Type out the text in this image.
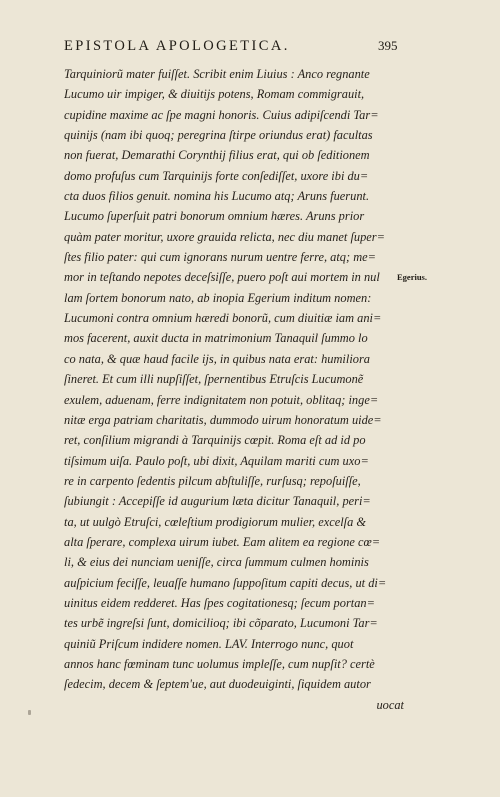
EPISTOLA APOLOGETICA.	395
Tarquiniorũ mater fuiſſet. Scribit enim Liuius : Anco regnante
Lucumo uir impiger, & diuitijs potens, Romam commigrauit,
cupidine maxime ac ſpe magni honoris. Cuius adipiſcendi Tar=
quinijs (nam ibi quoq; peregrina ſtirpe oriundus erat) facultas
non fuerat, Demarathi Corynthij filius erat, qui ob ſeditionem
domo profuſus cum Tarquinijs forte conſediſſet, uxore ibi du=
cta duos filios genuit. nomina his Lucumo atq; Aruns fuerunt.
Lucumo ſuperſuit patri bonorum omnium hæres. Aruns prior
quàm pater moritur, uxore grauida relicta, nec diu manet ſuper=
ſtes filio pater: qui cum ignorans nurum uentre ferre, atq; me=
mor in teſtando nepotes deceſsiſſe, puero poſt aui mortem in nul
lam ſortem bonorum nato, ab inopia Egerium inditum nomen:
Lucumoni contra omnium hæredi bonorũ, cum diuitiæ iam ani=
mos facerent, auxit ducta in matrimonium Tanaquil ſummo lo
co nata, & quæ haud facile ijs, in quibus nata erat: humiliora
ſineret. Et cum illi nupſiſſet, ſpernentibus Etruſcis Lucumonẽ
exulem, aduenam, ferre indignitatem non potuit, oblitaq; inge=
nitæ erga patriam charitatis, dummodo uirum honoratum uide=
ret, conſilium migrandi à Tarquinijs cœpit. Roma eſt ad id po
tiſsimum uiſa. Paulo poſt, ubi dixit, Aquilam mariti cum uxo=
re in carpento ſedentis pilcum abſtuliſſe, rurſusq; repoſuiſſe,
ſubiungit : Accepiſſe id augurium læta dicitur Tanaquil, peri=
ta, ut uulgò Etruſci, cœleſtium prodigiorum mulier, excelſa &
alta ſperare, complexa uirum iubet. Eam alitem ea regione cœ=
li, & eius dei nunciam ueniſſe, circa ſummum culmen hominis
auſpicium feciſſe, leuaſſe humano ſuppoſitum capiti decus, ut di=
uinitus eidem redderet. Has ſpes cogitationesq; ſecum portan=
tes urbẽ ingreſsi ſunt, domicilioq; ibi cõparato, Lucumoni Tar=
quiniũ Priſcum indidere nomen. LAV. Interrogo nunc, quot
annos hanc fœminam tunc uolumus impleſſe, cum nupſit? certè
ſedecim, decem & ſeptem'ue, aut duodeuiginti, ſiquidem autor
uocat
Egerius.
